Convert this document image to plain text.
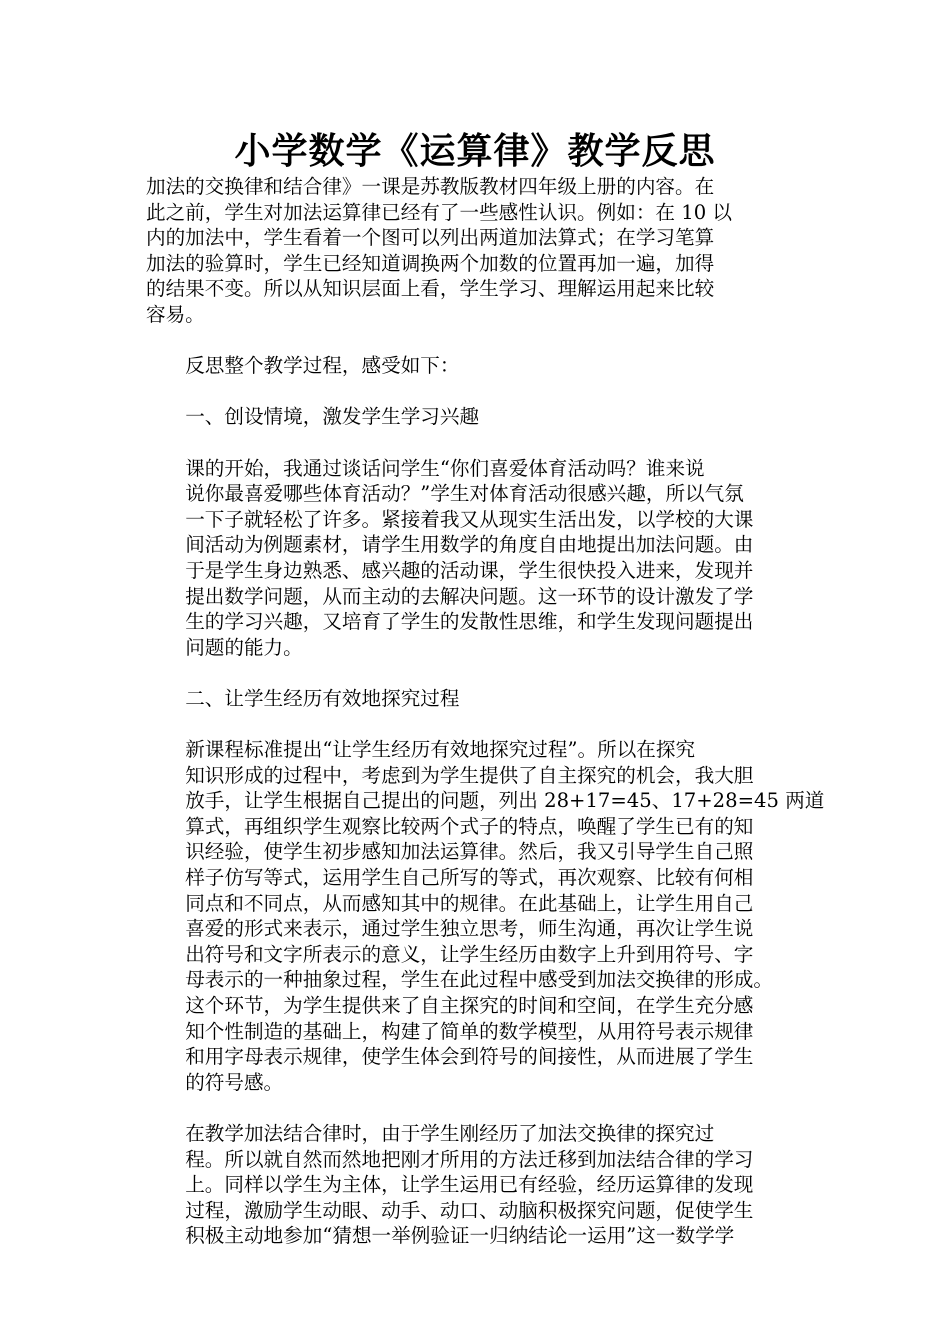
小学数学《运算律》教学反思

加法的交换律和结合律》一课是苏教版教材四年级上册的内容。在
此之前，学生对加法运算律已经有了一些感性认识。例如：在 10 以
内的加法中，学生看着一个图可以列出两道加法算式；在学习笔算
加法的验算时，学生已经知道调换两个加数的位置再加一遍，加得
的结果不变。所以从知识层面上看，学生学习、理解运用起来比较
容易。

反思整个教学过程，感受如下：

一、创设情境，激发学生学习兴趣

课的开始，我通过谈话问学生“你们喜爱体育活动吗？谁来说
说你最喜爱哪些体育活动？”学生对体育活动很感兴趣，所以气氛
一下子就轻松了许多。紧接着我又从现实生活出发，以学校的大课
间活动为例题素材，请学生用数学的角度自由地提出加法问题。由
于是学生身边熟悉、感兴趣的活动课，学生很快投入进来，发现并
提出数学问题，从而主动的去解决问题。这一环节的设计激发了学
生的学习兴趣，又培育了学生的发散性思维，和学生发现问题提出
问题的能力。

二、让学生经历有效地探究过程

新课程标准提出“让学生经历有效地探究过程”。所以在探究
知识形成的过程中，考虑到为学生提供了自主探究的机会，我大胆
放手，让学生根据自己提出的问题，列出 28+17=45、17+28=45 两道
算式，再组织学生观察比较两个式子的特点，唤醒了学生已有的知
识经验，使学生初步感知加法运算律。然后，我又引导学生自己照
样子仿写等式，运用学生自己所写的等式，再次观察、比较有何相
同点和不同点，从而感知其中的规律。在此基础上，让学生用自己
喜爱的形式来表示，通过学生独立思考，师生沟通，再次让学生说
出符号和文字所表示的意义，让学生经历由数字上升到用符号、字
母表示的一种抽象过程，学生在此过程中感受到加法交换律的形成。
这个环节，为学生提供来了自主探究的时间和空间，在学生充分感
知个性制造的基础上，构建了简单的数学模型，从用符号表示规律
和用字母表示规律，使学生体会到符号的间接性，从而进展了学生
的符号感。

在教学加法结合律时，由于学生刚经历了加法交换律的探究过
程。所以就自然而然地把刚才所用的方法迁移到加法结合律的学习
上。同样以学生为主体，让学生运用已有经验，经历运算律的发现
过程，激励学生动眼、动手、动口、动脑积极探究问题，促使学生
积极主动地参加“猜想一举例验证一归纳结论一运用”这一数学学
